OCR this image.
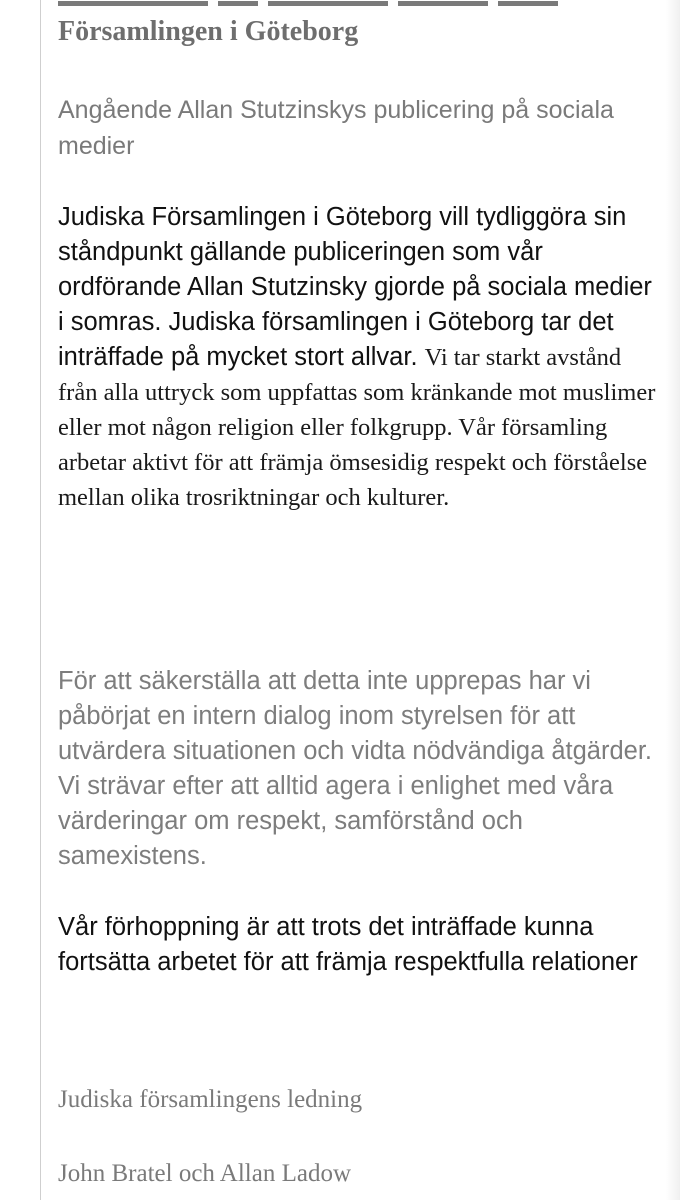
Församlingen i Göteborg

Angående Allan Stutzinskys publicering på sociala medier

Judiska Församlingen i Göteborg vill tydliggöra sin ståndpunkt gällande publiceringen som vår ordförande Allan Stutzinsky gjorde på sociala medier i somras. Judiska församlingen i Göteborg tar det inträffade på mycket stort allvar. Vi tar starkt avstånd från alla uttryck som uppfattas som kränkande mot muslimer eller mot någon religion eller folkgrupp. Vår församling arbetar aktivt för att främja ömsesidig respekt och förståelse mellan olika trosriktningar och kulturer.

För att säkerställa att detta inte upprepas har vi påbörjat en intern dialog inom styrelsen för att utvärdera situationen och vidta nödvändiga åtgärder. Vi strävar efter att alltid agera i enlighet med våra värderingar om respekt, samförstånd och samexistens.

Vår förhoppning är att trots det inträffade kunna fortsätta arbetet för att främja respektfulla relationer

Judiska församlingens ledning

John Bratel och Allan Ladow
